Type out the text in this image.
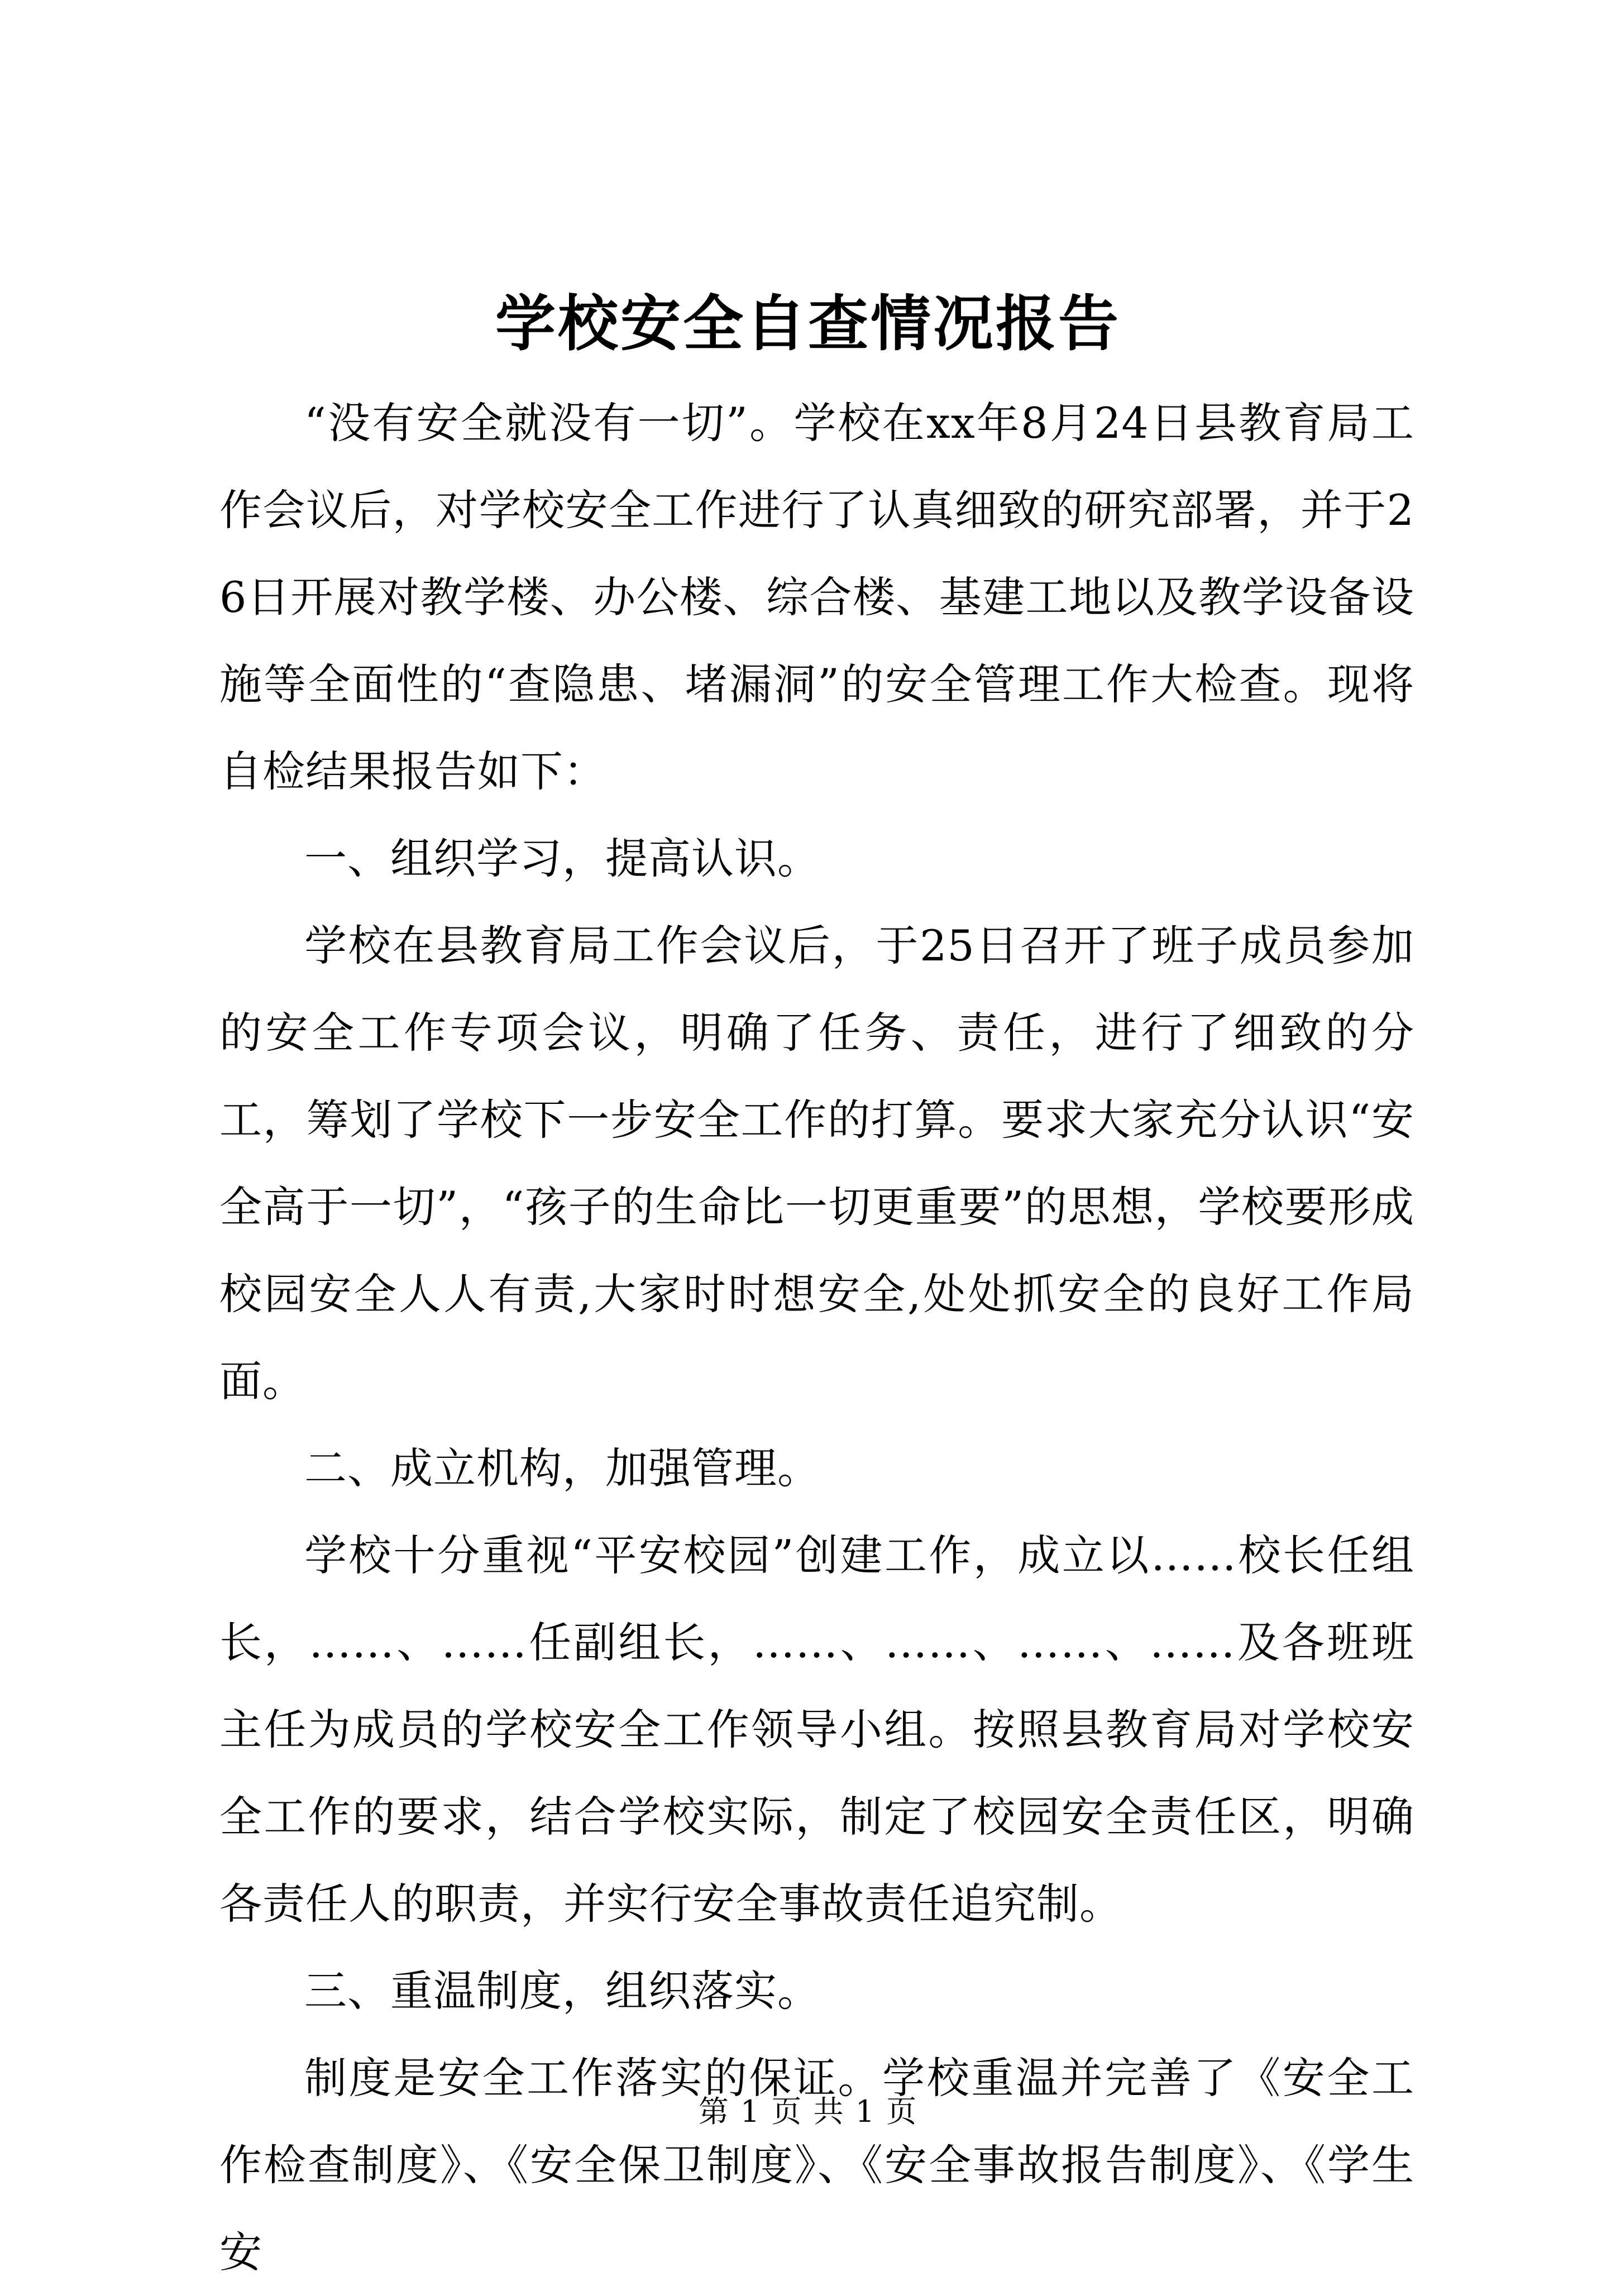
学校安全自查情况报告

“没有安全就没有一切”。学校在xx年8月24日县教育局工作会议后，对学校安全工作进行了认真细致的研究部署，并于26日开展对教学楼、办公楼、综合楼、基建工地以及教学设备设施等全面性的“查隐患、堵漏洞”的安全管理工作大检查。现将自检结果报告如下：

一、组织学习，提高认识。

学校在县教育局工作会议后，于25日召开了班子成员参加的安全工作专项会议，明确了任务、责任，进行了细致的分工，筹划了学校下一步安全工作的打算。要求大家充分认识“安全高于一切”，“孩子的生命比一切更重要”的思想，学校要形成校园安全人人有责,大家时时想安全,处处抓安全的良好工作局面。

二、成立机构，加强管理。

学校十分重视“平安校园”创建工作，成立以……校长任组长，……、……任副组长，……、……、……、……及各班班主任为成员的学校安全工作领导小组。按照县教育局对学校安全工作的要求，结合学校实际，制定了校园安全责任区，明确各责任人的职责，并实行安全事故责任追究制。

三、重温制度，组织落实。

制度是安全工作落实的保证。学校重温并完善了《安全工作检查制度》、《安全保卫制度》、《安全事故报告制度》、《学生安

第 1 页 共 1 页
